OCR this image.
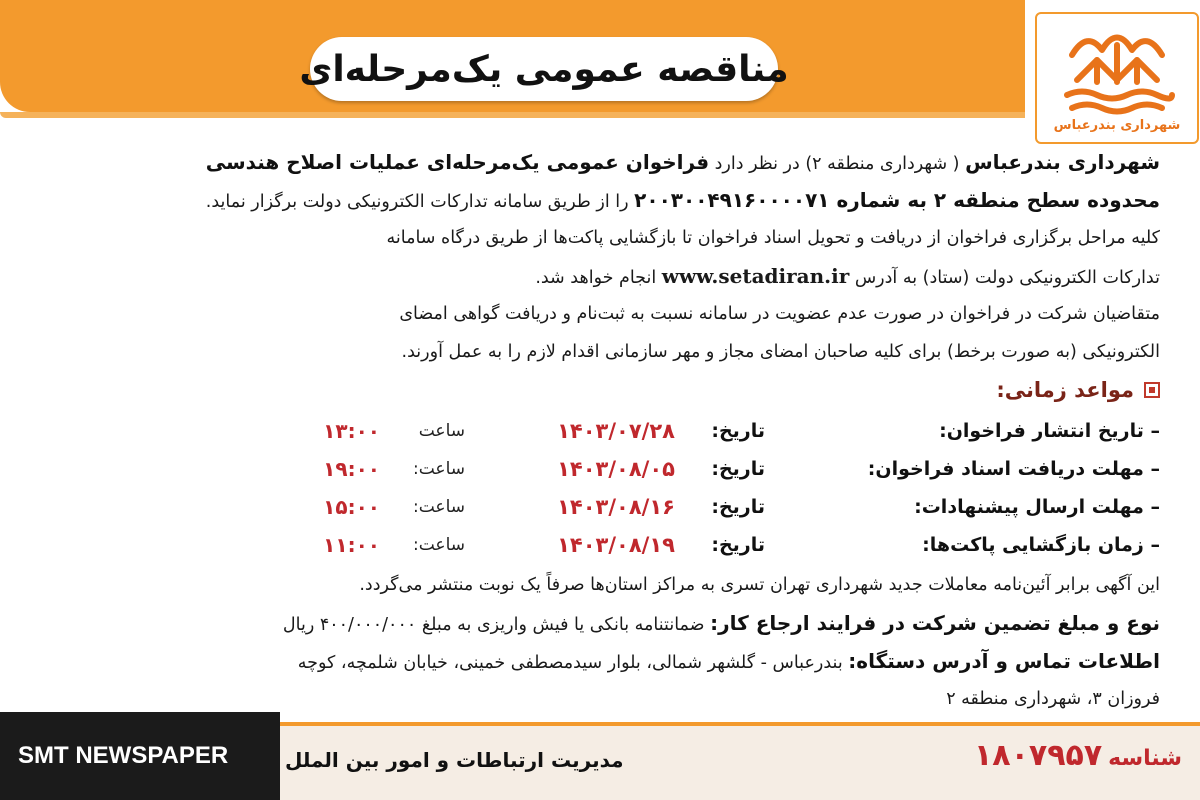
مناقصه عمومی یک‌مرحله‌ای
شهرداری بندرعباس
شهرداری بندرعباس ( شهرداری منطقه ۲) در نظر دارد فراخوان عمومی یک‌مرحله‌ای عملیات اصلاح هندسی
محدوده سطح منطقه ۲ به شماره ۲۰۰۳۰۰۴۹۱۶۰۰۰۰۷۱ را از طریق سامانه تدارکات الکترونیکی دولت برگزار نماید.
کلیه مراحل برگزاری فراخوان از دریافت و تحویل اسناد فراخوان تا بازگشایی پاکت‌ها از طریق درگاه سامانه
تدارکات الکترونیکی دولت (ستاد) به آدرس www.setadiran.ir انجام خواهد شد.
متقاضیان شرکت در فراخوان در صورت عدم عضویت در سامانه نسبت به ثبت‌نام و دریافت گواهی امضای
الکترونیکی (به صورت برخط) برای کلیه صاحبان امضای مجاز و مهر سازمانی اقدام لازم را به عمل آورند.
مواعد زمانی:
– تاریخ انتشار فراخوان:
تاریخ:
۱۴۰۳/۰۷/۲۸
ساعت
۱۳:۰۰
– مهلت دریافت اسناد فراخوان:
تاریخ:
۱۴۰۳/۰۸/۰۵
ساعت:
۱۹:۰۰
– مهلت ارسال پیشنهادات:
تاریخ:
۱۴۰۳/۰۸/۱۶
ساعت:
۱۵:۰۰
– زمان بازگشایی پاکت‌ها:
تاریخ:
۱۴۰۳/۰۸/۱۹
ساعت:
۱۱:۰۰
این آگهی برابر آئین‌نامه معاملات جدید شهرداری تهران تسری به مراکز استان‌ها صرفاً یک نوبت منتشر می‌گردد.
نوع و مبلغ تضمین شرکت در فرایند ارجاع کار: ضمانتنامه بانکی یا فیش واریزی به مبلغ ۴۰۰/۰۰۰/۰۰۰ ریال
اطلاعات تماس و آدرس دستگاه: بندرعباس - گلشهر شمالی، بلوار سیدمصطفی خمینی، خیابان شلمچه، کوچه
فروزان ۳، شهرداری منطقه ۲
SMT NEWSPAPER	مدیریت ارتباطات و امور بین الملل	شناسه
۱۸۰۷۹۵۷
